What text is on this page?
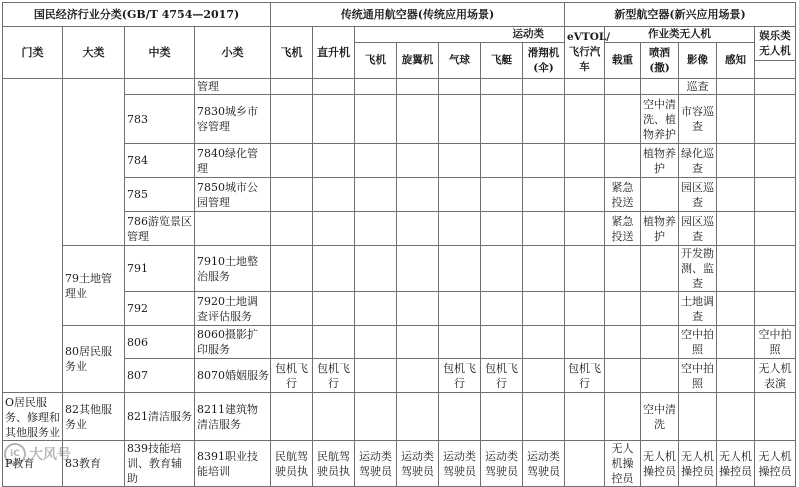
国民经济行业分类(GB/T 4754—2017)				传统通用航空器(传统应用场景)							新型航空器(新兴应用场景)					
门类	大类	中类	小类	飞机	直升机	运动类					eVTOL/飞行汽车	作业类无人机				娱乐类无人机
						飞机	旋翼机	气球	飞艇	滑翔机(伞)		载重	喷洒(撒)	影像	感知	

			管理											巡查		
		783	7830城乡市容管理										空中清洗、植物养护	市容巡查		
		784	7840绿化管理										植物养护	绿化巡查		
		785	7850城市公园管理									紧急投送		园区巡查		
		786游览景区管理										紧急投送	植物养护	园区巡查		
	79土地管理业	791	7910土地整治服务											开发勘测、监查		
		792	7920土地调查评估服务											土地调查		
	80居民服务业	806	8060摄影扩印服务											空中拍照		空中拍照
		807	8070婚姻服务	包机飞行	包机飞行			包机飞行	包机飞行		包机飞行			空中拍照		无人机表演
O居民服务、修理和其他服务业	82其他服务业	821清洁服务	8211建筑物清洁服务										空中清洗			
P教育	83教育	839技能培训、教育辅助	8391职业技能培训	民航驾驶员执	民航驾驶员执	运动类驾驶员	运动类驾驶员	运动类驾驶员	运动类驾驶员	运动类驾驶员		无人机操控员	无人机操控员	无人机操控员	无人机操控员	无人机操控员
iC 大风号
